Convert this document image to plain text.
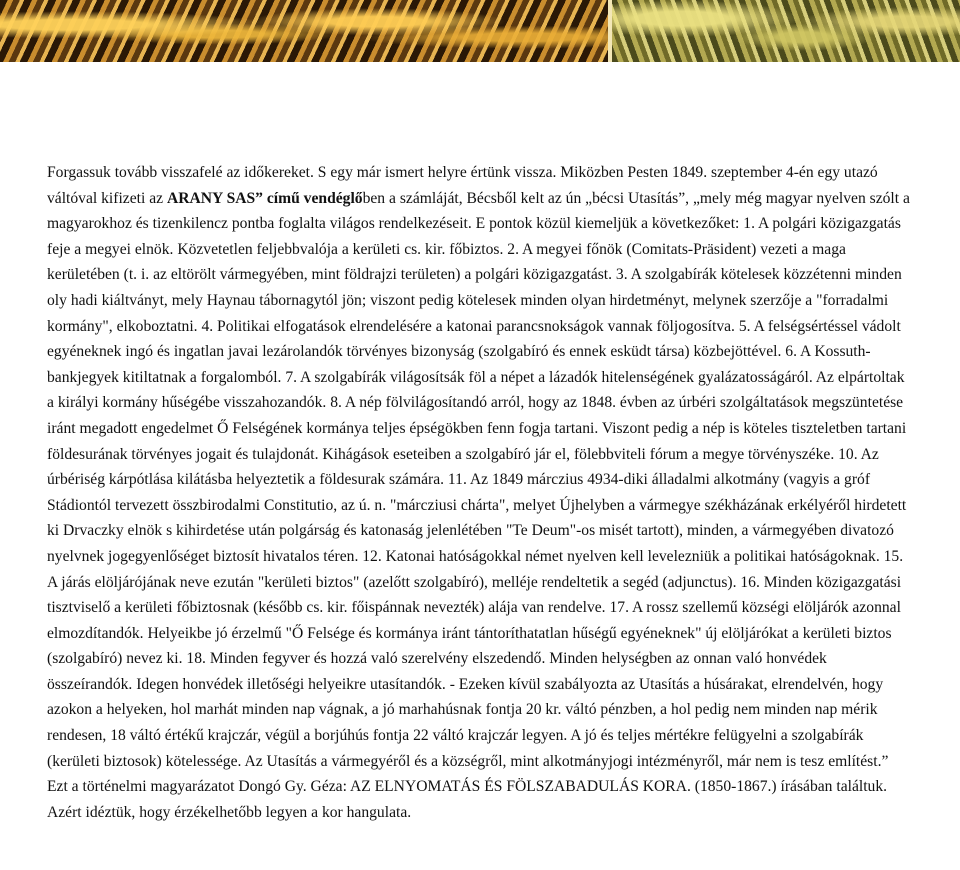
Forgassuk tovább visszafelé az időkereket. S egy már ismert helyre értünk vissza. Miközben Pesten 1849. szeptember 4-én egy utazó váltóval kifizeti az ARANY SAS” című vendéglőben a számláját, Bécsből kelt az ún „bécsi Utasítás”, „mely még magyar nyelven szólt a magyarokhoz és tizenkilencz pontba foglalta világos rendelkezéseit. E pontok közül kiemeljük a következőket: 1. A polgári közigazgatás feje a megyei elnök. Közvetetlen feljebbvalója a kerületi cs. kir. főbiztos. 2. A megyei főnök (Comitats-Präsident) vezeti a maga kerületében (t. i. az eltörölt vármegyében, mint földrajzi területen) a polgári közigazgatást. 3. A szolgabírák kötelesek közzétenni minden oly hadi kiáltványt, mely Haynau tábornagytól jön; viszont pedig kötelesek minden olyan hirdetményt, melynek szerzője a "forradalmi kormány", elkoboztatni. 4. Politikai elfogatások elrendelésére a katonai parancsnokságok vannak följogosítva. 5. A felségsértéssel vádolt egyéneknek ingó és ingatlan javai lezárolandók törvényes bizonyság (szolgabíró és ennek esküdt társa) közbejöttével. 6. A Kossuth-bankjegyek kitiltatnak a forgalomból. 7. A szolgabírák világosítsák föl a népet a lázadók hitelenségének gyalázatosságáról. Az elpártoltak a királyi kormány hűségébe visszahozandók. 8. A nép fölvilágosítandó arról, hogy az 1848. évben az úrbéri szolgáltatások megszüntetése iránt megadott engedelmet Ő Felségének kormánya teljes épségökben fenn fogja tartani. Viszont pedig a nép is köteles tiszteletben tartani földesurának törvényes jogait és tulajdonát. Kihágások eseteiben a szolgabíró jár el, fölebbviteli fórum a megye törvényszéke. 10. Az úrbériség kárpótlása kilátásba helyeztetik a földesurak számára. 11. Az 1849 márczius 4934-diki álladalmi alkotmány (vagyis a gróf Stádiontól tervezett összbirodalmi Constitutio, az ú. n. "márcziusi chárta", melyet Újhelyben a vármegye székházának erkélyéről hirdetett ki Drvaczky elnök s kihirdetése után polgárság és katonaság jelenlétében "Te Deum"-os misét tartott), minden, a vármegyében divatozó nyelvnek jogegyenlőséget biztosít hivatalos téren. 12. Katonai hatóságokkal német nyelven kell levelezniük a politikai hatóságoknak. 15. A járás elöljárójának neve ezután "kerületi biztos" (azelőtt szolgabíró), melléje rendeltetik a segéd (adjunctus). 16. Minden közigazgatási tisztviselő a kerületi főbiztosnak (később cs. kir. főispánnak nevezték) alája van rendelve. 17. A rossz szellemű községi elöljárók azonnal elmozdítandók. Helyeikbe jó érzelmű "Ő Felsége és kormánya iránt tántoríthatatlan hűségű egyéneknek" új elöljárókat a kerületi biztos (szolgabíró) nevez ki. 18. Minden fegyver és hozzá való szerelvény elszedendő. Minden helységben az onnan való honvédek összeírandók. Idegen honvédek illetőségi helyeikre utasítandók. - Ezeken kívül szabályozta az Utasítás a húsárakat, elrendelvén, hogy azokon a helyeken, hol marhát minden nap vágnak, a jó marhahúsnak fontja 20 kr. váltó pénzben, a hol pedig nem minden nap mérik rendesen, 18 váltó értékű krajczár, végül a borjúhús fontja 22 váltó krajczár legyen. A jó és teljes mértékre felügyelni a szolgabírák (kerületi biztosok) kötelessége. Az Utasítás a vármegyéről és a községről, mint alkotmányjogi intézményről, már nem is tesz említést.” Ezt a történelmi magyarázatot Dongó Gy. Géza: AZ ELNYOMATÁS ÉS FÖLSZABADULÁS KORA. (1850-1867.) írásában találtuk. Azért idéztük, hogy érzékelhetőbb legyen a kor hangulata.
